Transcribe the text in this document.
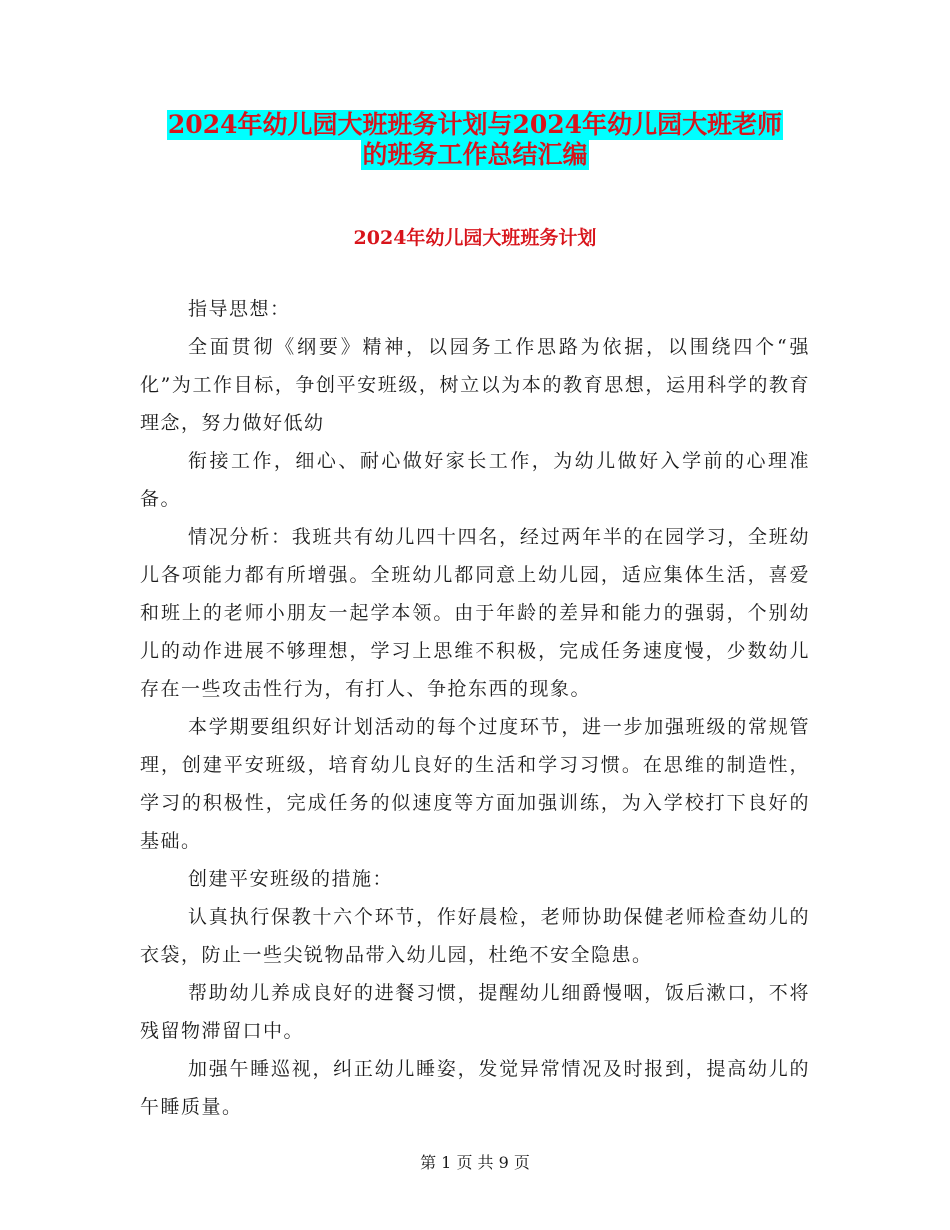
2024年幼儿园大班班务计划与2024年幼儿园大班老师
的班务工作总结汇编
2024年幼儿园大班班务计划

指导思想：

全面贯彻《纲要》精神，以园务工作思路为依据，以围绕四个“强化”为工作目标，争创平安班级，树立以为本的教育思想，运用科学的教育理念，努力做好低幼

衔接工作，细心、耐心做好家长工作，为幼儿做好入学前的心理准备。

情况分析：我班共有幼儿四十四名，经过两年半的在园学习，全班幼儿各项能力都有所增强。全班幼儿都同意上幼儿园，适应集体生活，喜爱和班上的老师小朋友一起学本领。由于年龄的差异和能力的强弱，个别幼儿的动作进展不够理想，学习上思维不积极，完成任务速度慢，少数幼儿存在一些攻击性行为，有打人、争抢东西的现象。

本学期要组织好计划活动的每个过度环节，进一步加强班级的常规管理，创建平安班级，培育幼儿良好的生活和学习习惯。在思维的制造性，学习的积极性，完成任务的似速度等方面加强训练，为入学校打下良好的基础。

创建平安班级的措施：

认真执行保教十六个环节，作好晨检，老师协助保健老师检查幼儿的衣袋，防止一些尖锐物品带入幼儿园，杜绝不安全隐患。

帮助幼儿养成良好的进餐习惯，提醒幼儿细爵慢咽，饭后漱口，不将残留物滞留口中。

加强午睡巡视，纠正幼儿睡姿，发觉异常情况及时报到，提高幼儿的午睡质量。

第 1 页 共 9 页
